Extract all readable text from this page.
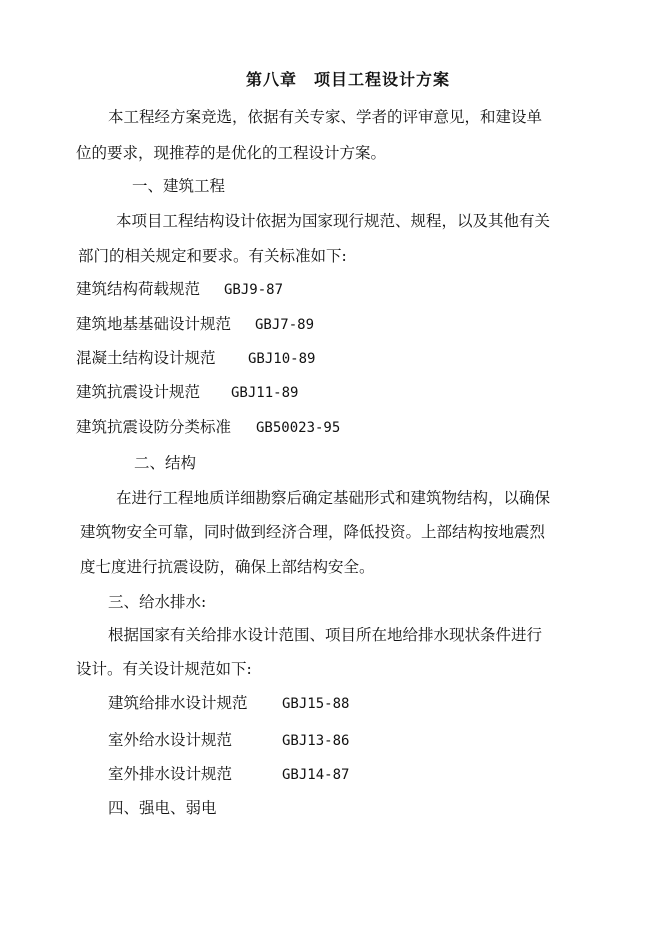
第八章　项目工程设计方案
本工程经方案竞选，依据有关专家、学者的评审意见，和建设单
位的要求，现推荐的是优化的工程设计方案。
一、建筑工程
本项目工程结构设计依据为国家现行规范、规程，以及其他有关
部门的相关规定和要求。有关标准如下:
建筑结构荷载规范 GBJ9-87
建筑地基基础设计规范 GBJ7-89
混凝土结构设计规范 GBJ10-89
建筑抗震设计规范 GBJ11-89
建筑抗震设防分类标准 GB50023-95
二、结构
在进行工程地质详细勘察后确定基础形式和建筑物结构，以确保
建筑物安全可靠，同时做到经济合理，降低投资。上部结构按地震烈
度七度进行抗震设防，确保上部结构安全。
三、给水排水:
根据国家有关给排水设计范围、项目所在地给排水现状条件进行
设计。有关设计规范如下:
建筑给排水设计规范 GBJ15-88
室外给水设计规范	GBJ13-86
室外排水设计规范	GBJ14-87
四、强电、弱电
